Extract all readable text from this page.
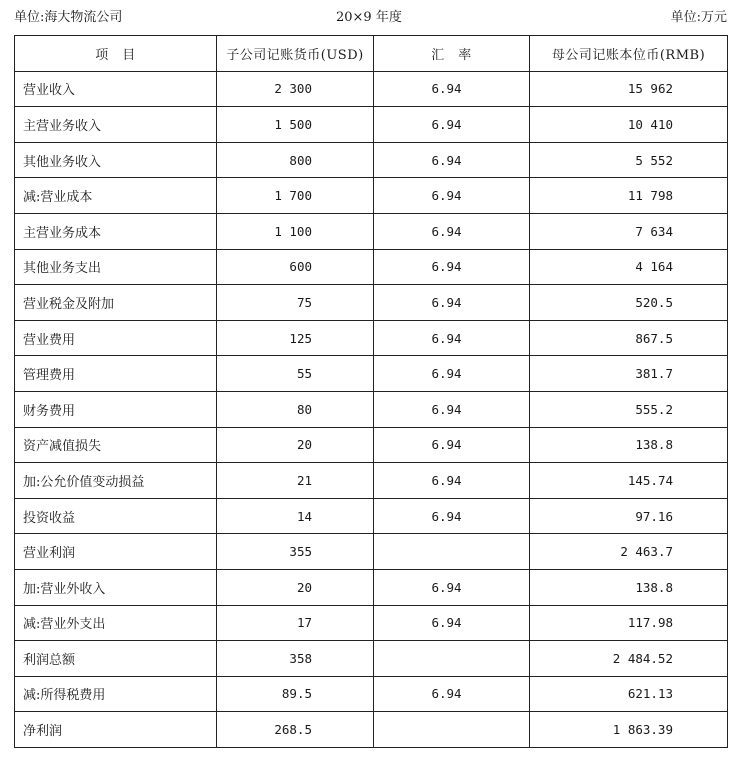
单位:海大物流公司	20×9 年度	单位:万元
项　目	子公司记账货币(USD)	汇　率	母公司记账本位币(RMB)
营业收入	2 300	6.94	15 962
主营业务收入	1 500	6.94	10 410
其他业务收入	800	6.94	5 552
减:营业成本	1 700	6.94	11 798
主营业务成本	1 100	6.94	7 634
其他业务支出	600	6.94	4 164
营业税金及附加	75	6.94	520.5
营业费用	125	6.94	867.5
管理费用	55	6.94	381.7
财务费用	80	6.94	555.2
资产减值损失	20	6.94	138.8
加:公允价值变动损益	21	6.94	145.74
投资收益	14	6.94	97.16
营业利润	355		2 463.7
加:营业外收入	20	6.94	138.8
减:营业外支出	17	6.94	117.98
利润总额	358		2 484.52
减:所得税费用	89.5	6.94	621.13
净利润	268.5		1 863.39
